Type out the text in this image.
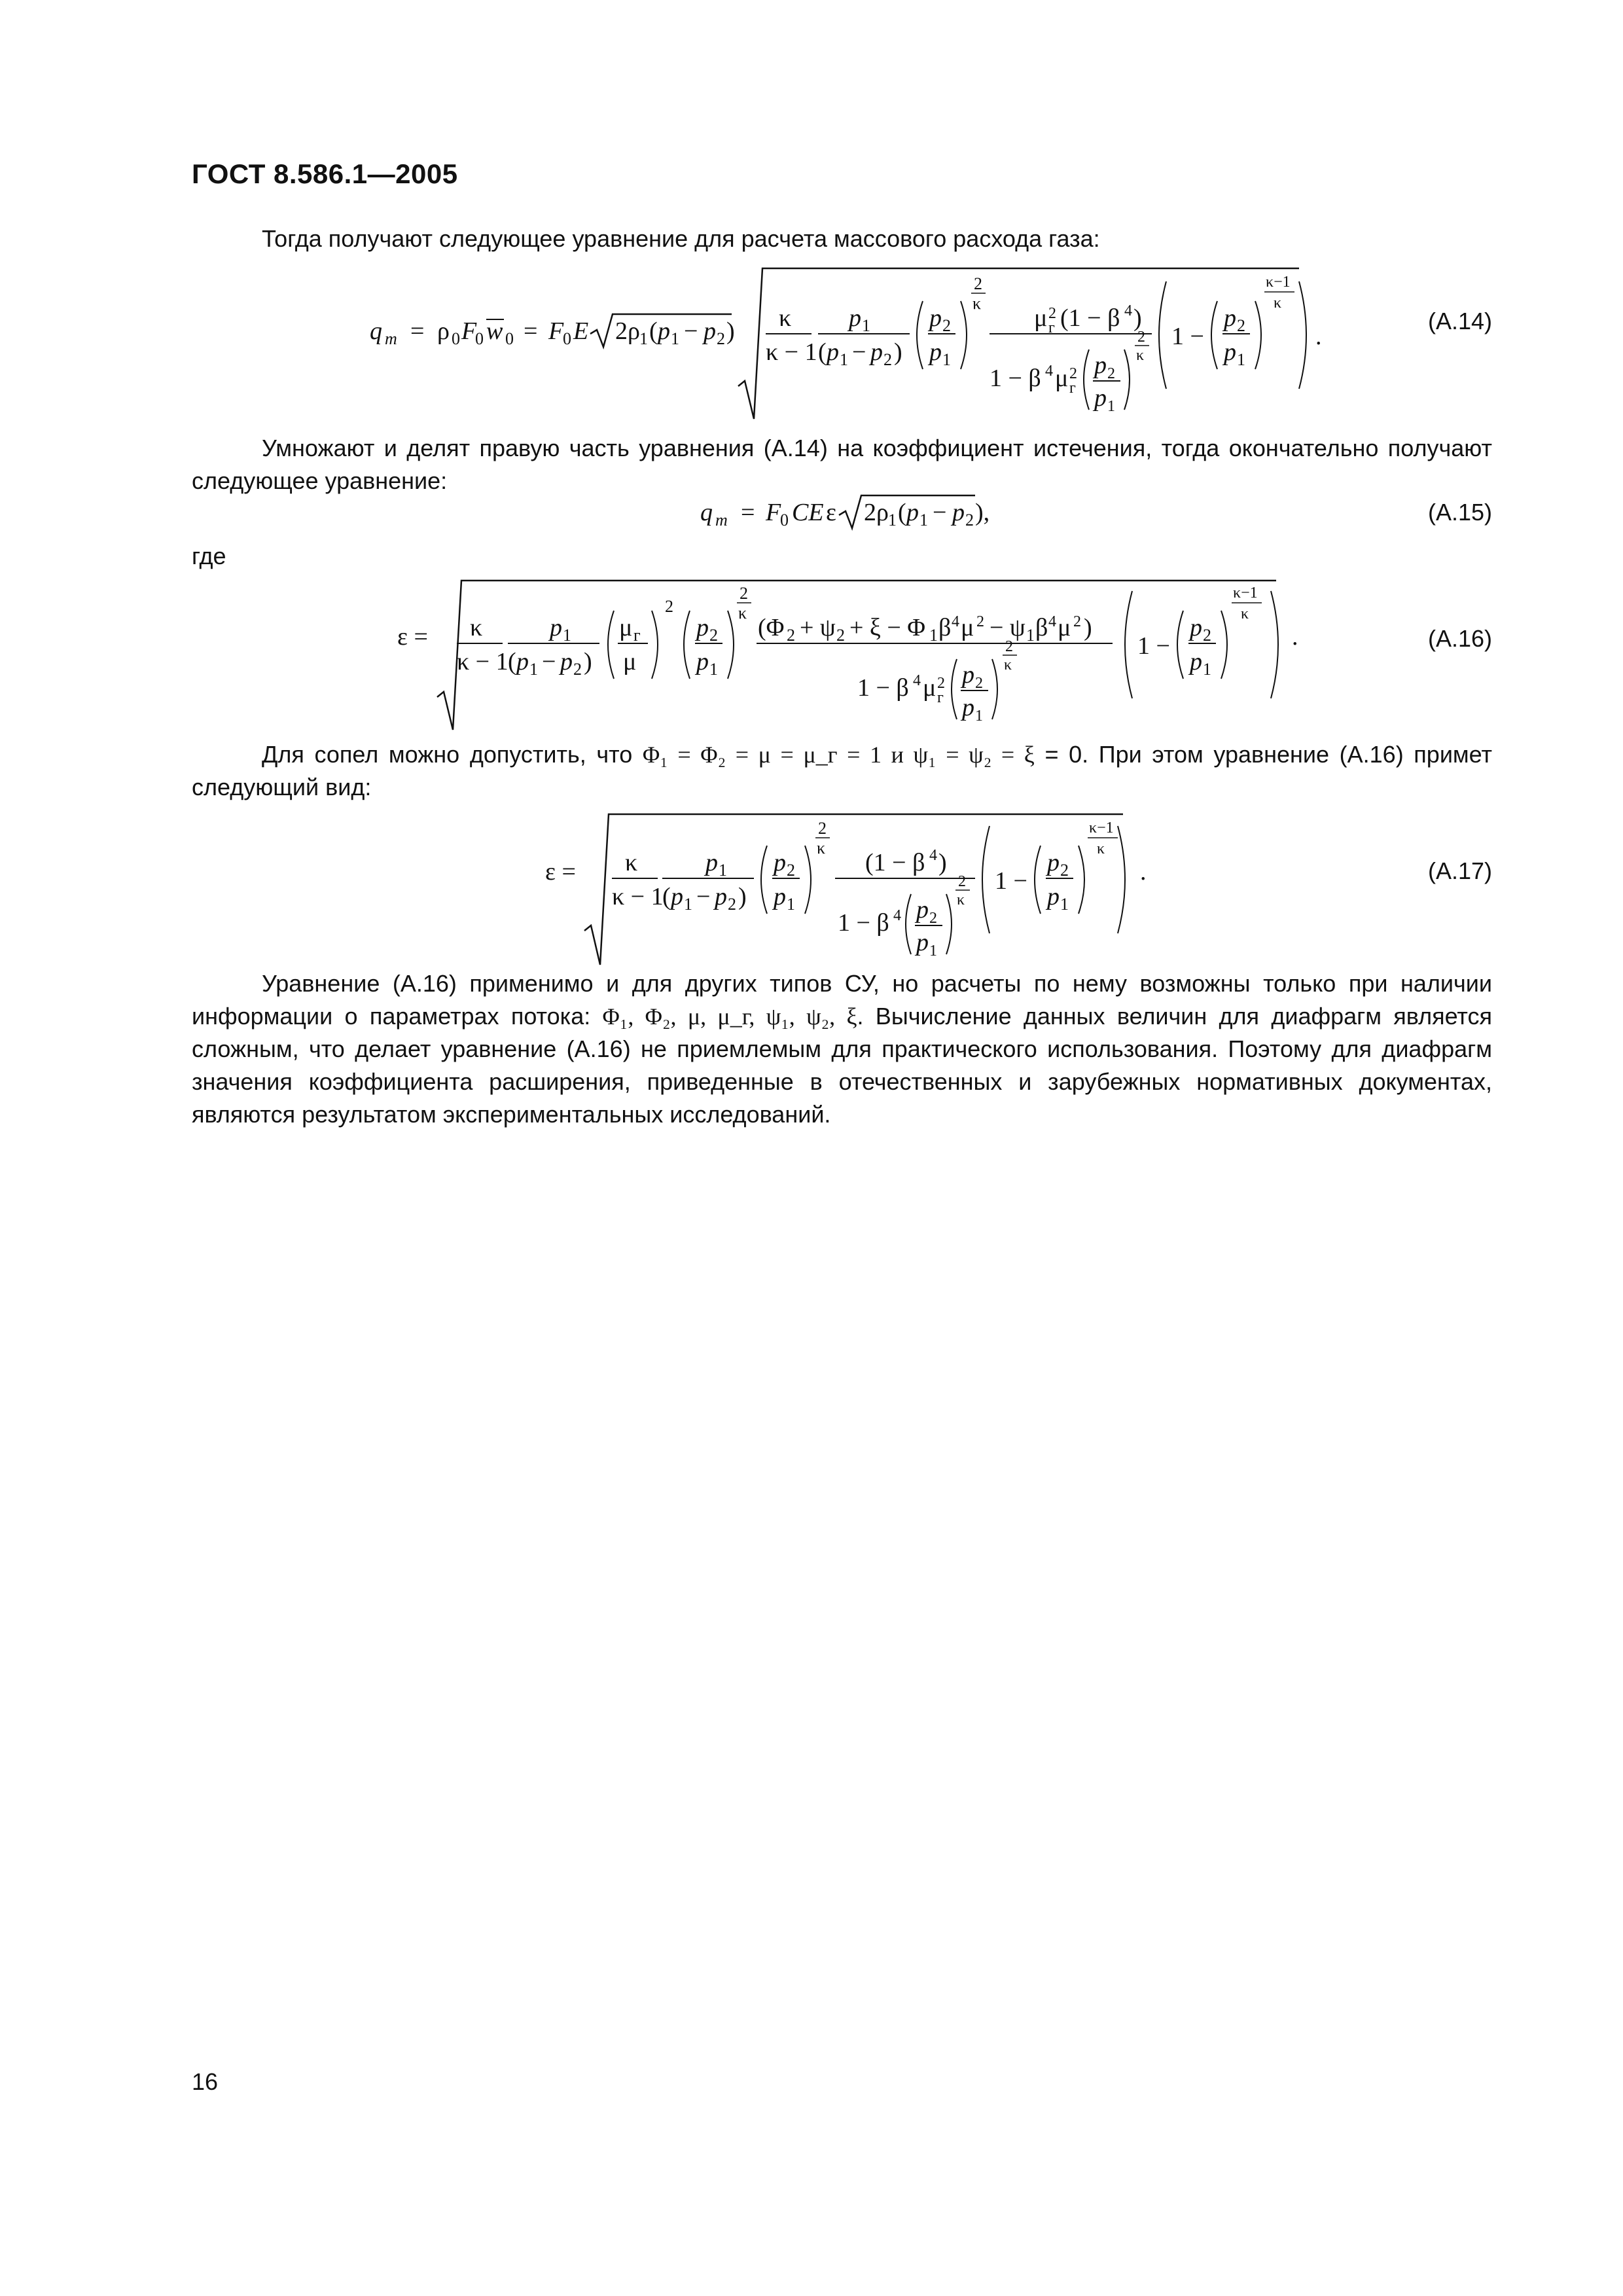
ГОСТ 8.586.1—2005
Тогда получают следующее уравнение для расчета массового расхода газа:
q m = ρ 0 F
0 w 0 = F
0 E 2ρ 1 ( p 1 − p 2 ) κ
κ − 1
p 1
( p 1 − p 2 )
p 2
p 1
2
κ
μ 2
г (1 − β 4 )
1 − β 4 μ 2
г
p 2
p 1
2
κ
1 −
p 2
p 1
κ−1
κ
.
(А.14)
Умножают и делят правую часть уравнения (А.14) на коэффициент истечения, тогда окончательно получают следующее уравнение:
q m = F
0 CE ε 2ρ 1 ( p 1 − p 2 ),	(А.15)
где
ε = κ
κ − 1
p 1
( p 1 − p 2 )
μ г
μ
2
p 2
p 1
2
κ
(Φ 2 + ψ 2 + ξ − Φ 1 β 4 μ 2 − ψ 1 β 4 μ 2 )
1 − β 4 μ 2
г
p 2
p 1
2
κ
1 −
p 2
p 1
κ−1
κ
.	(А.16)
Для сопел можно допустить, что Φ₁ = Φ₂ = μ = μ_г = 1 и ψ₁ = ψ₂ = ξ = 0. При этом уравнение (А.16) примет следующий вид:
ε = κ
κ − 1
p 1
( p 1 − p 2 )
p 2
p 1
2
κ
(1 − β 4 )
1 − β 4 p 2
p 1
2
κ
1 −
p 2
p 1
κ−1
κ
.	(А.17)
Уравнение (А.16) применимо и для других типов СУ, но расчеты по нему возможны только при наличии информации о параметрах потока: Φ₁, Φ₂, μ, μ_г, ψ₁, ψ₂, ξ. Вычисление данных величин для диафрагм является сложным, что делает уравнение (А.16) не приемлемым для практического использования. Поэтому для диафрагм значения коэффициента расширения, приведенные в отечественных и зарубежных нормативных документах, являются результатом экспериментальных исследований.
16
